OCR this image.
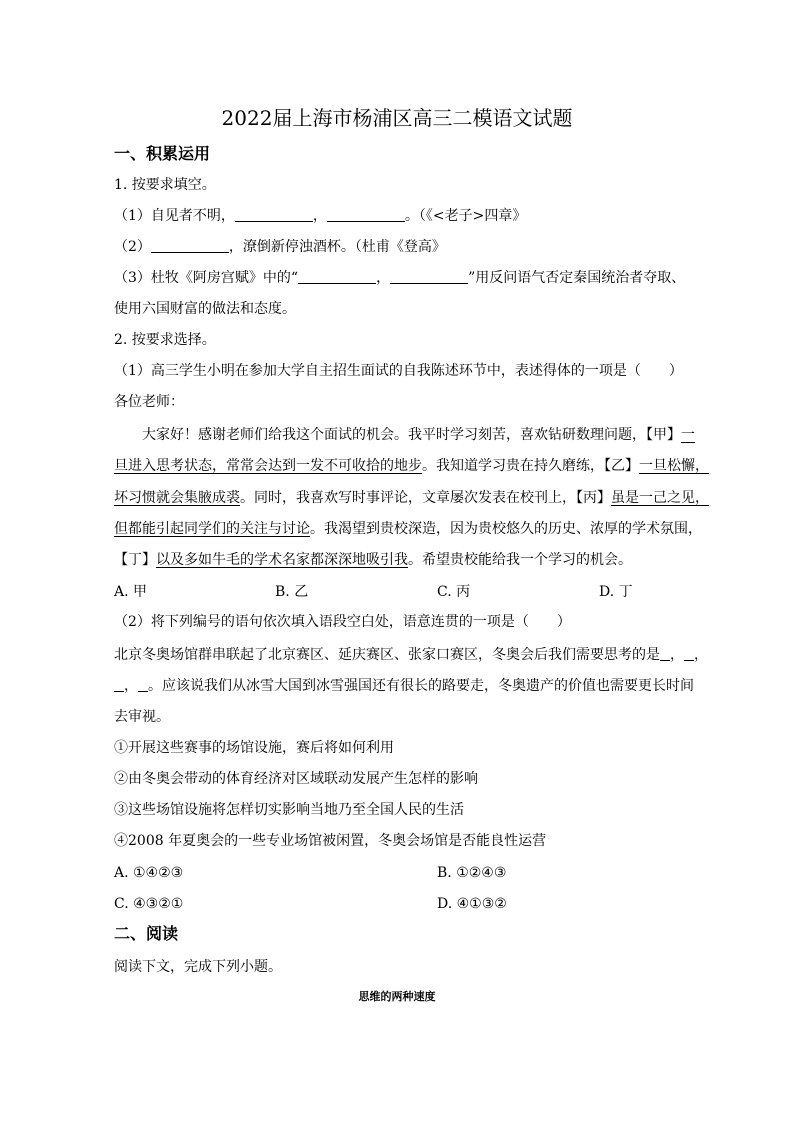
2022届上海市杨浦区高三二模语文试题
一、积累运用
1. 按要求填空。
（1）自见者不明，	，	。（《<老子>四章》
（2）	，潦倒新停浊酒杯。（杜甫《登高》
（3）杜牧《阿房宫赋》中的“	，	”用反问语气否定秦国统治者夺取、
使用六国财富的做法和态度。
2. 按要求选择。
（1）高三学生小明在参加大学自主招生面试的自我陈述环节中，表述得体的一项是（　　）
各位老师：
大家好！感谢老师们给我这个面试的机会。我平时学习刻苦，喜欢钻研数理问题，【甲】一
旦进入思考状态，常常会达到一发不可收拾的地步。我知道学习贵在持久磨练，【乙】一旦松懈，
坏习惯就会集腋成裘。同时，我喜欢写时事评论，文章屡次发表在校刊上，【丙】虽是一己之见，
但都能引起同学们的关注与讨论。我渴望到贵校深造，因为贵校悠久的历史、浓厚的学术氛围，
【丁】以及多如牛毛的学术名家都深深地吸引我。希望贵校能给我一个学习的机会。
A. 甲	B. 乙	C. 丙	D. 丁
（2）将下列编号的语句依次填入语段空白处，语意连贯的一项是（　　）
北京冬奥场馆群串联起了北京赛区、延庆赛区、张家口赛区，冬奥会后我们需要思考的是 ， ，
， 。应该说我们从冰雪大国到冰雪强国还有很长的路要走，冬奥遗产的价值也需要更长时间
去审视。
①开展这些赛事的场馆设施，赛后将如何利用
②由冬奥会带动的体育经济对区域联动发展产生怎样的影响
③这些场馆设施将怎样切实影响当地乃至全国人民的生活
④2008 年夏奥会的一些专业场馆被闲置，冬奥会场馆是否能良性运营
A. ①④②③	B. ①②④③
C. ④③②①	D. ④①③②
二、阅读
阅读下文，完成下列小题。
思维的两种速度
